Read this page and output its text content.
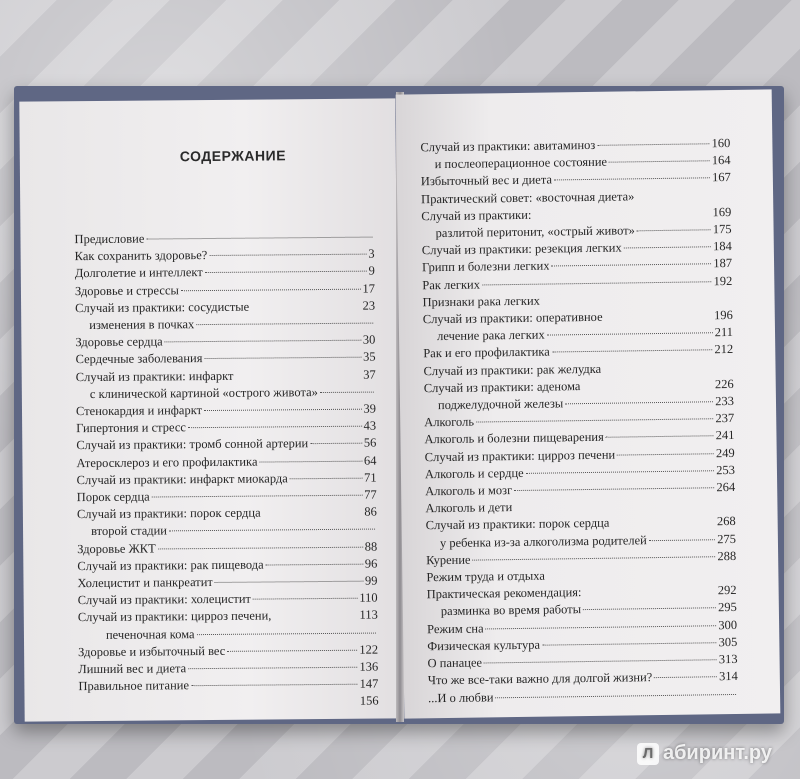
СОДЕРЖАНИЕ
Предисловие
Как сохранить здоровье?	3
Долголетие и интеллект	9
Здоровье и стрессы	17
Случай из практики: сосудистые	23
изменения в почках
Здоровье сердца	30
Сердечные заболевания	35
Случай из практики: инфаркт	37
с клинической картиной «острого живота»
Стенокардия и инфаркт	39
Гипертония и стресс	43
Случай из практики: тромб сонной артерии	56
Атеросклероз и его профилактика	64
Случай из практики: инфаркт миокарда	71
Порок сердца	77
Случай из практики: порок сердца	86
второй стадии
Здоровье ЖКТ	88
Случай из практики: рак пищевода	96
Холецистит и панкреатит	99
Случай из практики: холецистит	110
Случай из практики: цирроз печени,	113
печеночная кома
Здоровье и избыточный вес	122
Лишний вес и диета	136
Правильное питание	147
156
Случай из практики: авитаминоз	160
и послеоперационное состояние	164
Избыточный вес и диета	167
Практический совет: «восточная диета»
Случай из практики:	169
разлитой перитонит, «острый живот»	175
Случай из практики: резекция легких	184
Грипп и болезни легких	187
Рак легких	192
Признаки рака легких
Случай из практики: оперативное	196
лечение рака легких	211
Рак и его профилактика	212
Случай из практики: рак желудка
Случай из практики: аденома	226
поджелудочной железы	233
Алкоголь	237
Алкоголь и болезни пищеварения	241
Случай из практики: цирроз печени	249
Алкоголь и сердце	253
Алкоголь и мозг	264
Алкоголь и дети
Случай из практики: порок сердца	268
у ребенка из-за алкоголизма родителей	275
Курение	288
Режим труда и отдыха
Практическая рекомендация:	292
разминка во время работы	295
Режим сна	300
Физическая культура	305
О панацее	313
Что же все-таки важно для долгой жизни?	314
...И о любви
Л абиринт.ру
